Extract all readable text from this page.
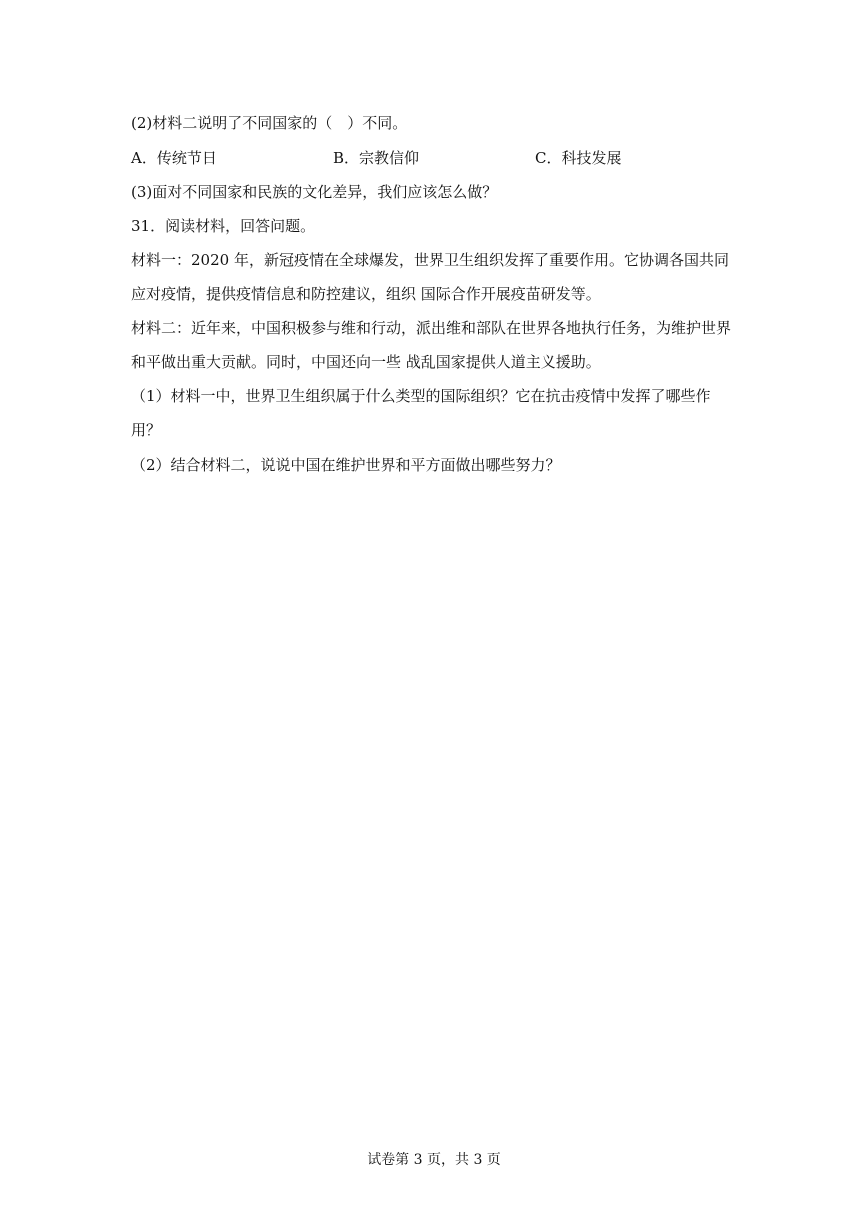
(2)材料二说明了不同国家的（　）不同。
A．传统节日	B．宗教信仰	C．科技发展
(3)面对不同国家和民族的文化差异，我们应该怎么做？
31．阅读材料，回答问题。
材料一：2020 年，新冠疫情在全球爆发，世界卫生组织发挥了重要作用。它协调各国共同
应对疫情，提供疫情信息和防控建议，组织 国际合作开展疫苗研发等。
材料二：近年来，中国积极参与维和行动，派出维和部队在世界各地执行任务，为维护世界
和平做出重大贡献。同时，中国还向一些 战乱国家提供人道主义援助。
（1）材料一中，世界卫生组织属于什么类型的国际组织？它在抗击疫情中发挥了哪些作
用？
（2）结合材料二，说说中国在维护世界和平方面做出哪些努力？
试卷第 3 页，共 3 页
